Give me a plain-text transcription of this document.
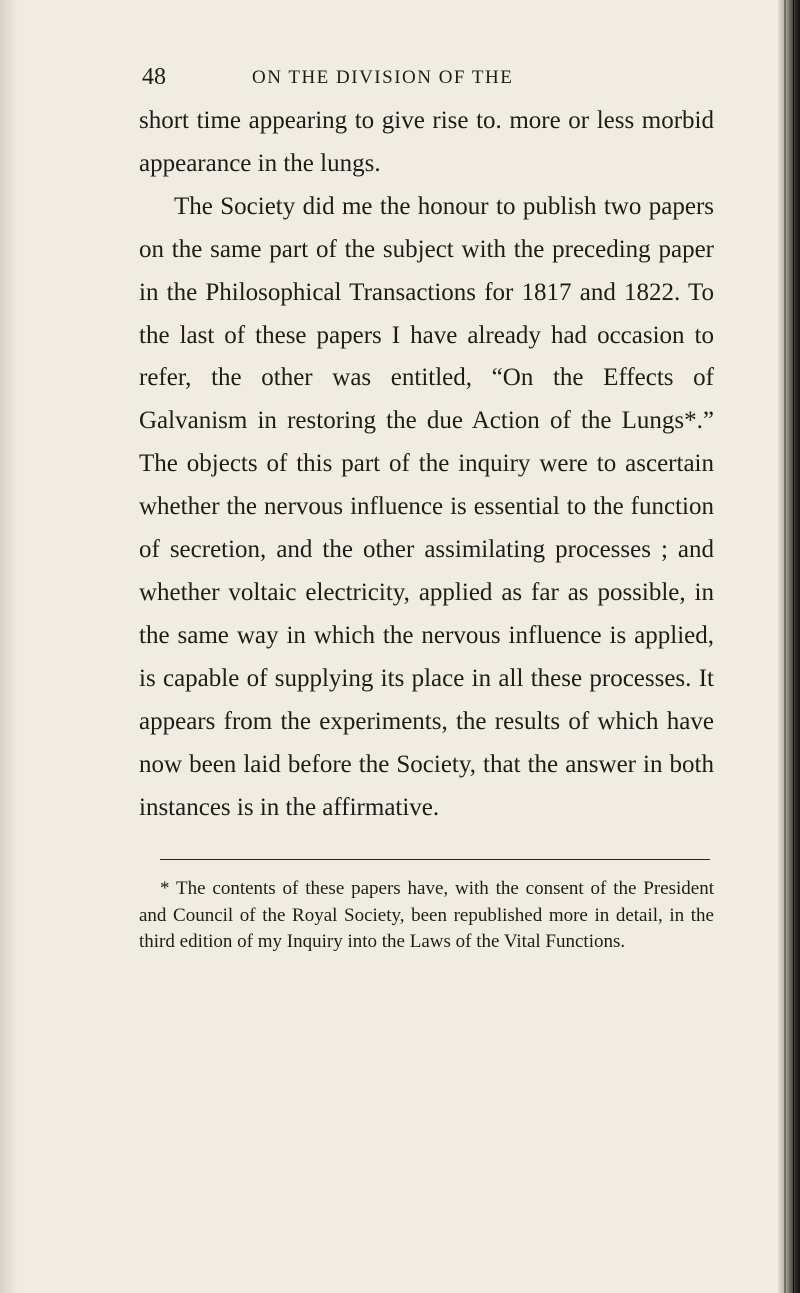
48	ON THE DIVISION OF THE

short time appearing to give rise to. more or less morbid appearance in the lungs.

The Society did me the honour to publish two papers on the same part of the subject with the preceding paper in the Philosophical Transactions for 1817 and 1822. To the last of these papers I have already had occasion to refer, the other was entitled, “On the Effects of Galvanism in restoring the due Action of the Lungs*.” The objects of this part of the inquiry were to ascertain whether the nervous influence is essential to the function of secretion, and the other assimilating processes ; and whether voltaic electricity, applied as far as possible, in the same way in which the nervous influence is applied, is capable of supplying its place in all these processes. It appears from the experiments, the results of which have now been laid before the Society, that the answer in both instances is in the affirmative.

* The contents of these papers have, with the consent of the President and Council of the Royal Society, been republished more in detail, in the third edition of my Inquiry into the Laws of the Vital Functions.
